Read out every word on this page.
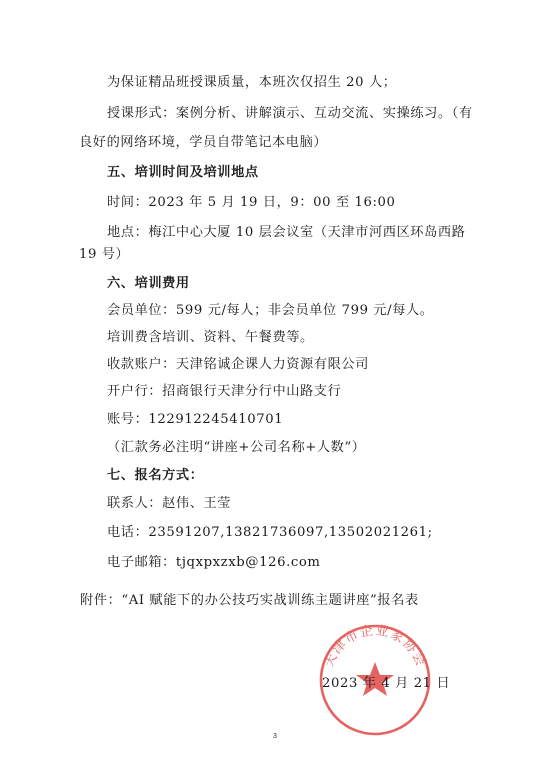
为保证精品班授课质量，本班次仅招生 20 人；
授课形式：案例分析、讲解演示、互动交流、实操练习。（有
良好的网络环境，学员自带笔记本电脑）
五、培训时间及培训地点
时间：2023 年 5 月 19 日，9：00 至 16:00
地点：梅江中心大厦 10 层会议室（天津市河西区环岛西路
19 号）
六、培训费用
会员单位：599 元/每人；非会员单位 799 元/每人。
培训费含培训、资料、午餐费等。
收款账户：天津铭诚企课人力资源有限公司
开户行：招商银行天津分行中山路支行
账号：122912245410701
（汇款务必注明“讲座+公司名称+人数”）
七、报名方式：
联系人：赵伟、王莹
电话：23591207,13821736097,13502021261;
电子邮箱：tjqxpxzxb@126.com
附件：“AI 赋能下的办公技巧实战训练主题讲座”报名表
天津市企业家协会
2023 年 4 月 21 日
3
